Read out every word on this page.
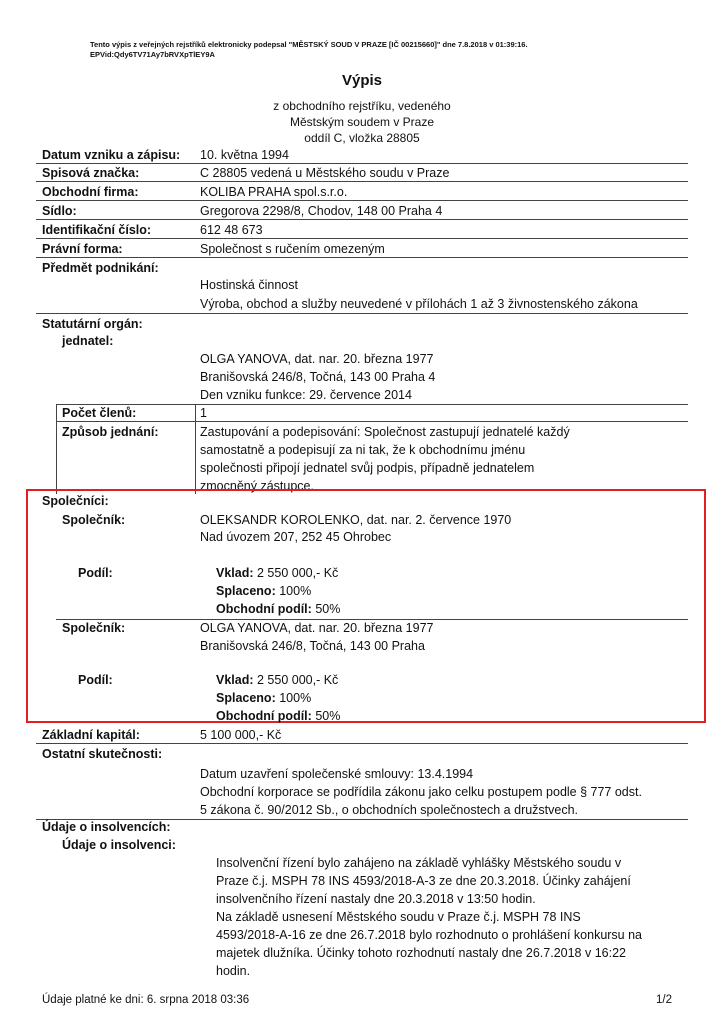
Tento výpis z veřejných rejstříků elektronicky podepsal "MĚSTSKÝ SOUD V PRAZE [IČ 00215660]" dne 7.8.2018 v 01:39:16.
EPVid:Qdy6TV71Ay7bRVXpTlEY9A
Výpis
z obchodního rejstříku, vedeného
Městským soudem v Praze
oddíl C, vložka 28805
Datum vzniku a zápisu: 10. května 1994
Spisová značka:	C 28805 vedená u Městského soudu v Praze
Obchodní firma:	KOLIBA PRAHA spol.s.r.o.
Sídlo:	Gregorova 2298/8, Chodov, 148 00 Praha 4
Identifikační číslo:	612 48 673
Právní forma:	Společnost s ručením omezeným
Předmět podnikání:
Hostinská činnost
Výroba, obchod a služby neuvedené v přílohách 1 až 3 živnostenského zákona
Statutární orgán:
jednatel:
OLGA YANOVA, dat. nar. 20. března 1977
Branišovská 246/8, Točná, 143 00 Praha 4
Den vzniku funkce: 29. července 2014
Počet členů:	1
Způsob jednání:	Zastupování a podepisování: Společnost zastupují jednatelé každý
samostatně a podepisují za ni tak, že k obchodnímu jménu
společnosti připojí jednatel svůj podpis, případně jednatelem
zmocněný zástupce.
Společníci:
Společník:	OLEKSANDR KOROLENKO, dat. nar. 2. července 1970
Nad úvozem 207, 252 45 Ohrobec
Podíl:	Vklad: 2 550 000,- Kč
Splaceno: 100%
Obchodní podíl: 50%
Společník:	OLGA YANOVA, dat. nar. 20. března 1977
Branišovská 246/8, Točná, 143 00 Praha
Podíl:	Vklad: 2 550 000,- Kč
Splaceno: 100%
Obchodní podíl: 50%
Základní kapitál:	5 100 000,- Kč
Ostatní skutečnosti:
Datum uzavření společenské smlouvy: 13.4.1994
Obchodní korporace se podřídila zákonu jako celku postupem podle § 777 odst.
5 zákona č. 90/2012 Sb., o obchodních společnostech a družstvech.
Údaje o insolvencích:
Údaje o insolvenci:
Insolvenční řízení bylo zahájeno na základě vyhlášky Městského soudu v
Praze č.j. MSPH 78 INS 4593/2018-A-3 ze dne 20.3.2018. Účinky zahájení
insolvenčního řízení nastaly dne 20.3.2018 v 13:50 hodin.
Na základě usnesení Městského soudu v Praze č.j. MSPH 78 INS
4593/2018-A-16 ze dne 26.7.2018 bylo rozhodnuto o prohlášení konkursu na
majetek dlužníka. Účinky tohoto rozhodnutí nastaly dne 26.7.2018 v 16:22
hodin.
Údaje platné ke dni: 6. srpna 2018 03:36	1/2
